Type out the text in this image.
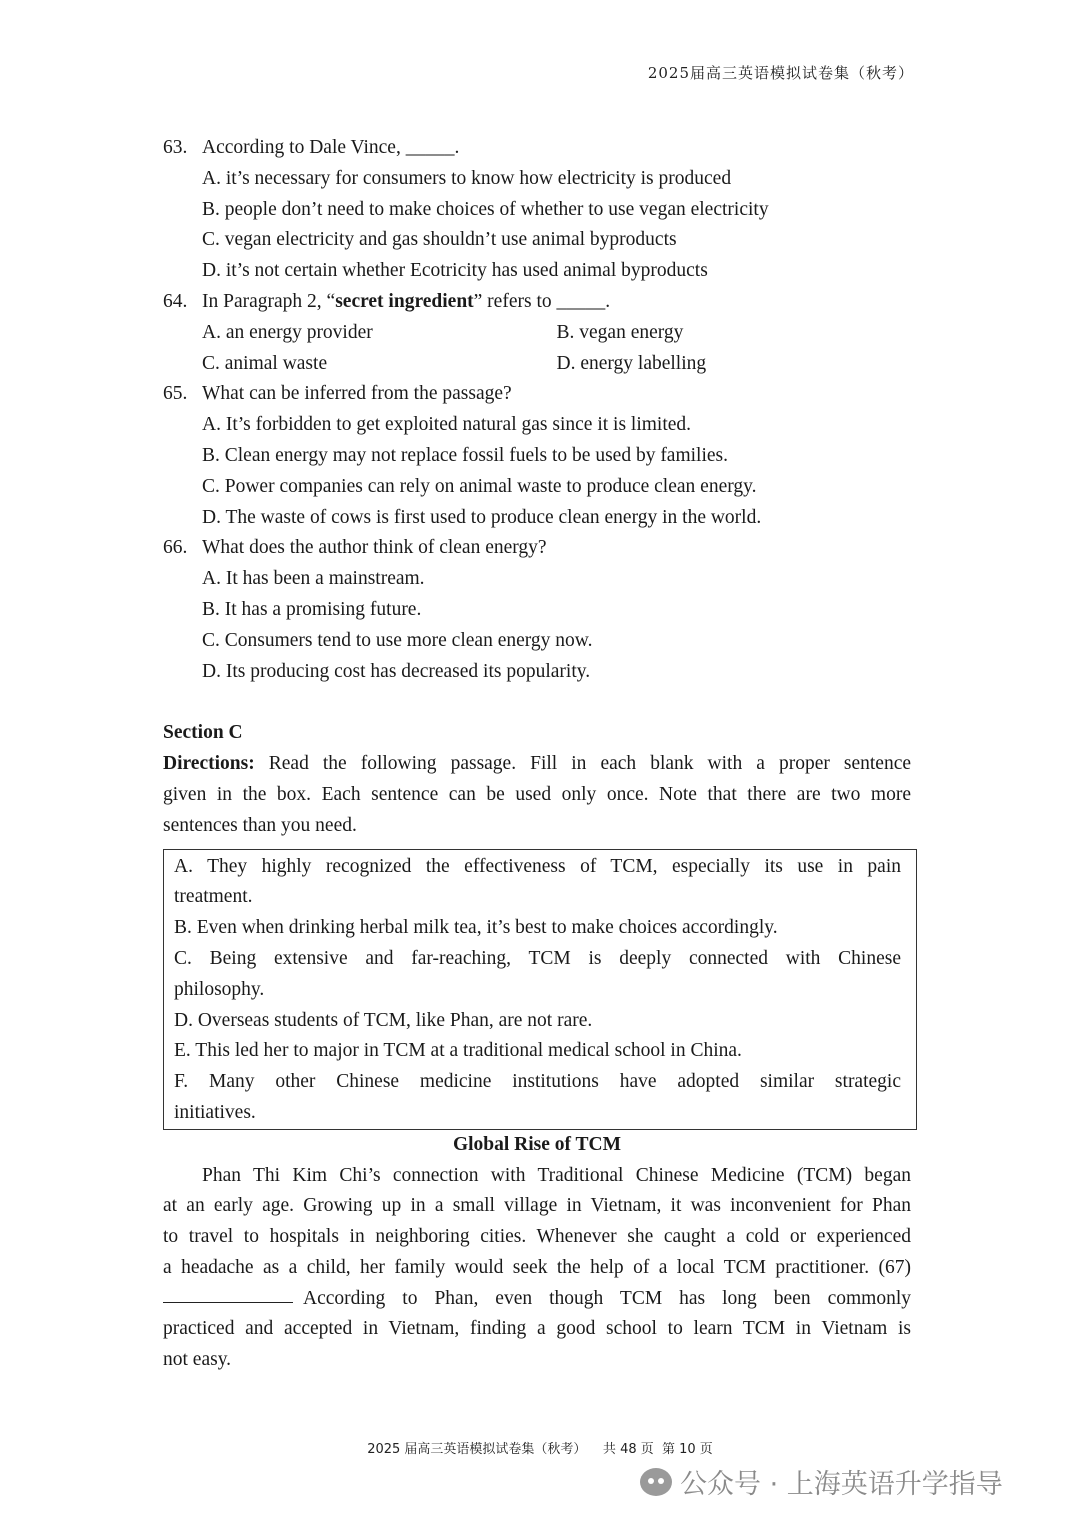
2025届高三英语模拟试卷集（秋考）
63. According to Dale Vince, _____.
A. it’s necessary for consumers to know how electricity is produced
B. people don’t need to make choices of whether to use vegan electricity
C. vegan electricity and gas shouldn’t use animal byproducts
D. it’s not certain whether Ecotricity has used animal byproducts
64. In Paragraph 2, “secret ingredient” refers to _____.
A. an energy provider	B. vegan energy
C. animal waste	D. energy labelling
65. What can be inferred from the passage?
A. It’s forbidden to get exploited natural gas since it is limited.
B. Clean energy may not replace fossil fuels to be used by families.
C. Power companies can rely on animal waste to produce clean energy.
D. The waste of cows is first used to produce clean energy in the world.
66. What does the author think of clean energy?
A. It has been a mainstream.
B. It has a promising future.
C. Consumers tend to use more clean energy now.
D. Its producing cost has decreased its popularity.
Section C
Directions: Read the following passage. Fill in each blank with a proper sentence
given in the box. Each sentence can be used only once. Note that there are two more
sentences than you need.
A. They highly recognized the effectiveness of TCM, especially its use in pain
treatment.
B. Even when drinking herbal milk tea, it’s best to make choices accordingly.
C. Being extensive and far-reaching, TCM is deeply connected with Chinese
philosophy.
D. Overseas students of TCM, like Phan, are not rare.
E. This led her to major in TCM at a traditional medical school in China.
F. Many other Chinese medicine institutions have adopted similar strategic
initiatives.
Global Rise of TCM
Phan Thi Kim Chi’s connection with Traditional Chinese Medicine (TCM) began
at an early age. Growing up in a small village in Vietnam, it was inconvenient for Phan
to travel to hospitals in neighboring cities. Whenever she caught a cold or experienced
a headache as a child, her family would seek the help of a local TCM practitioner. (67)
According to Phan, even though TCM has long been commonly
practiced and accepted in Vietnam, finding a good school to learn TCM in Vietnam is
not easy.
2025 届高三英语模拟试卷集（秋考）    共 48 页  第 10 页
公众号 · 上海英语升学指导
